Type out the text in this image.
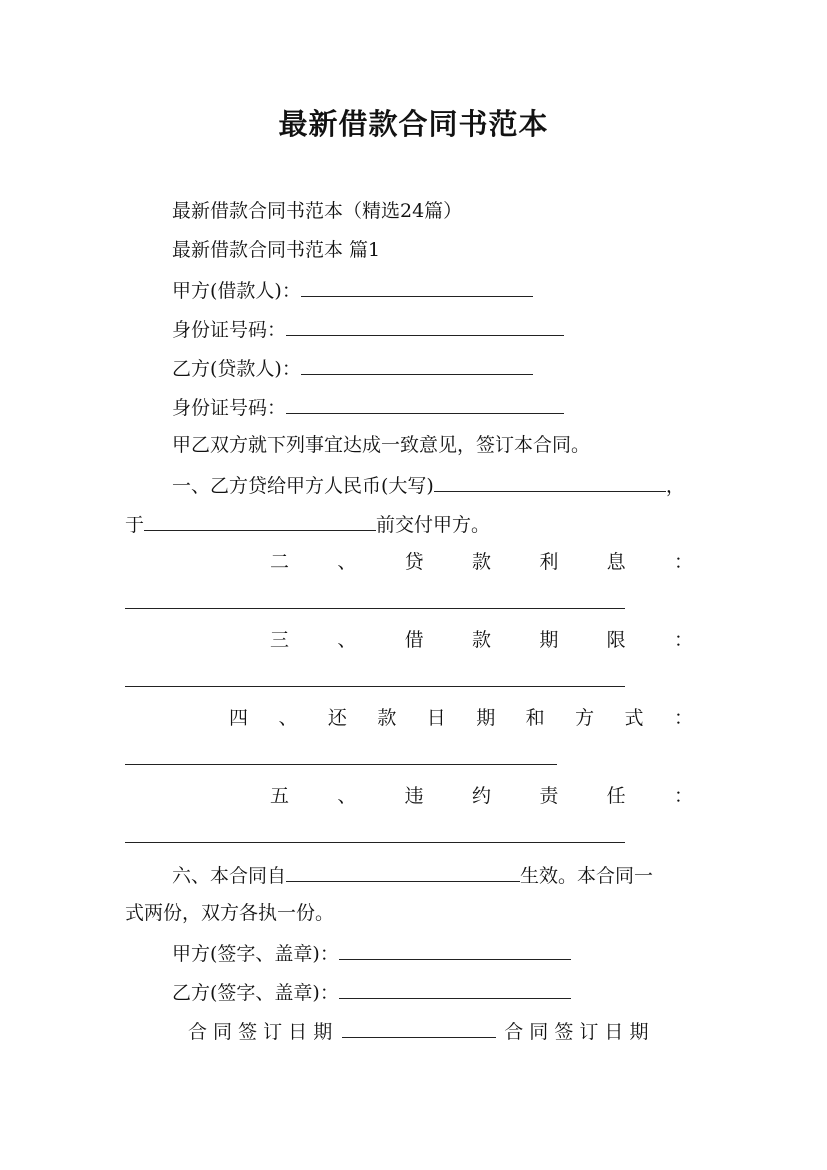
最新借款合同书范本
最新借款合同书范本（精选24篇）
最新借款合同书范本 篇1
甲方(借款人)：
身份证号码：
乙方(贷款人)：
身份证号码：
甲乙双方就下列事宜达成一致意见，签订本合同。
一、乙方贷给甲方人民币(大写)	，
于	前交付甲方。
二	、	贷	款	利	息	：
三	、	借	款	期	限	：
四 、 还 款 日 期 和 方 式 ：
五	、	违	约	责	任	：
六、本合同自	生效。本合同一
式两份，双方各执一份。
甲方(签字、盖章)：
乙方(签字、盖章)：
合 同 签 订 日 期	合 同 签 订 日 期
